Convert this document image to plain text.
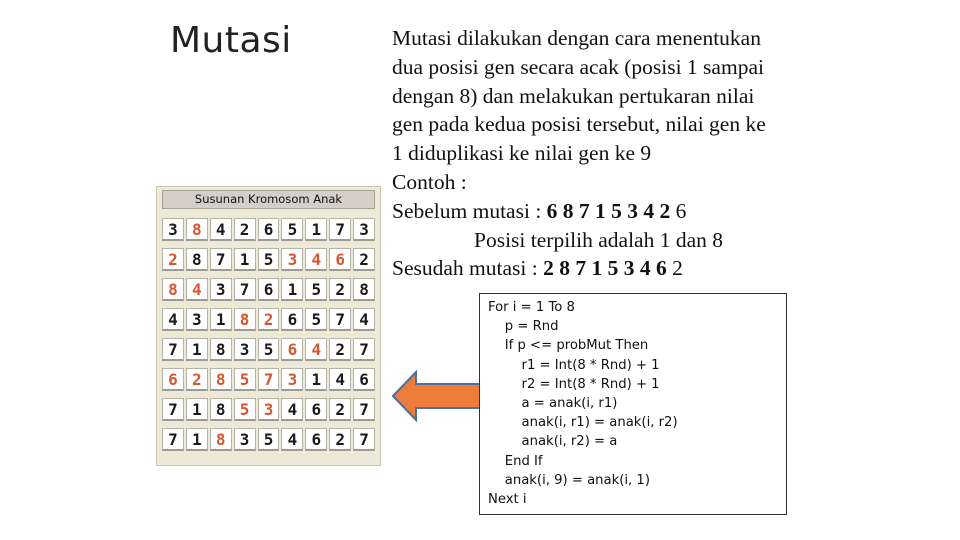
Mutasi	Mutasi dilakukan dengan cara menentukan
dua posisi gen secara acak (posisi 1 sampai
dengan 8) dan melakukan pertukaran nilai
gen pada kedua posisi tersebut, nilai gen ke
1 diduplikasi ke nilai gen ke 9
Contoh :
Sebelum mutasi : 6 8 7 1 5 3 4 2 6
Posisi terpilih adalah 1 dan 8
Sesudah mutasi : 2 8 7 1 5 3 4 6 2
Susunan Kromosom Anak
3 8 4 2 6 5 1 7 3
2 8 7 1 5 3 4 6 2
8 4 3 7 6 1 5 2 8
4 3 1 8 2 6 5 7 4
7 1 8 3 5 6 4 2 7
6 2 8 5 7 3 1 4 6
7 1 8 5 3 4 6 2 7
7 1 8 3 5 4 6 2 7
For i = 1 To 8
p = Rnd
If p <= probMut Then
r1 = Int(8 * Rnd) + 1
r2 = Int(8 * Rnd) + 1
a = anak(i, r1)
anak(i, r1) = anak(i, r2)
anak(i, r2) = a
End If
anak(i, 9) = anak(i, 1)
Next i
